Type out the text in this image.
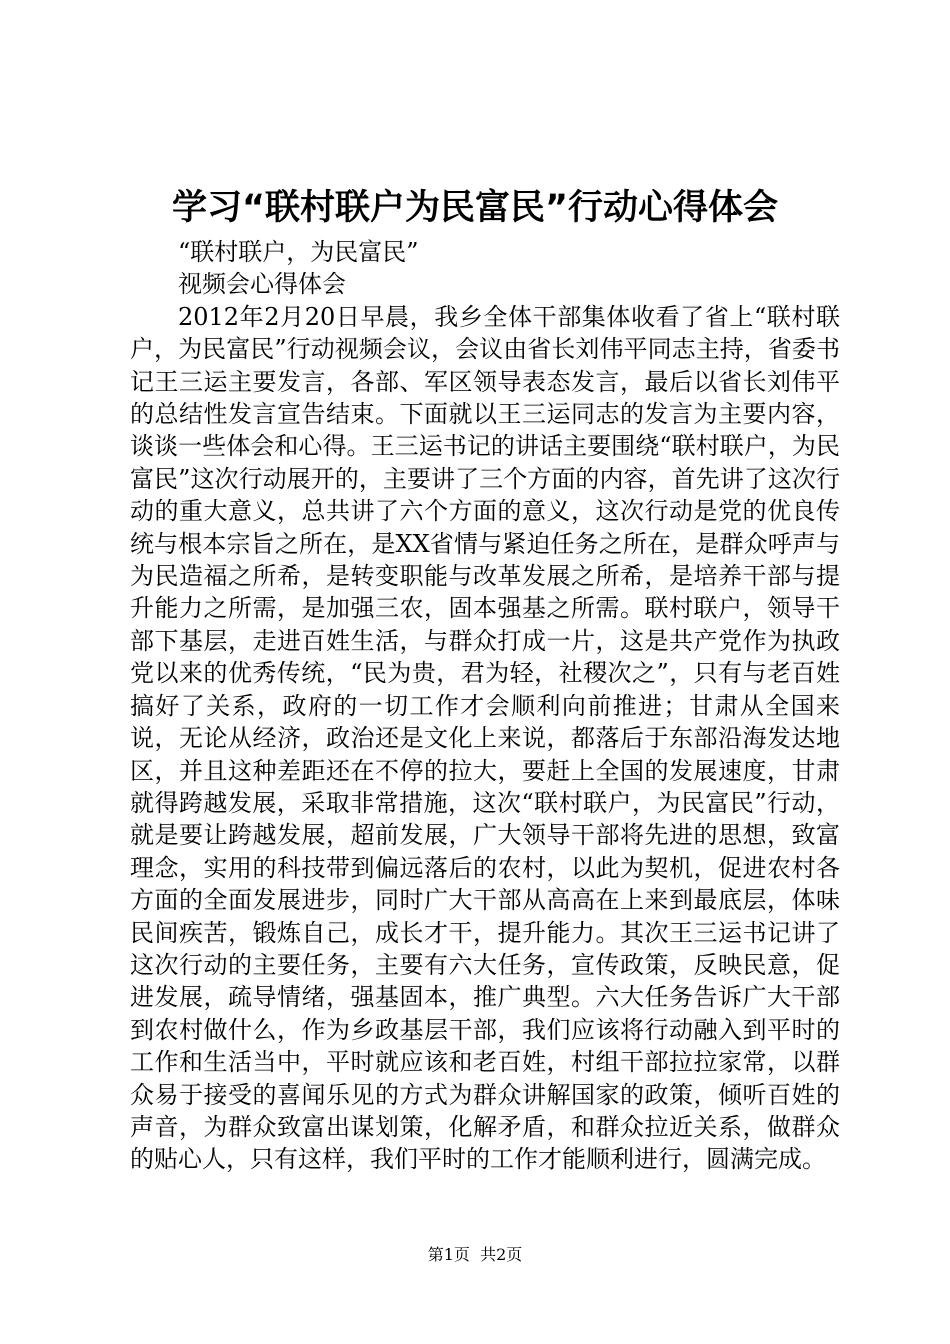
学习“联村联户为民富民”行动心得体会

“联村联户，为民富民”

视频会心得体会

2012年2月20日早晨，我乡全体干部集体收看了省上“联村联户，为民富民”行动视频会议，会议由省长刘伟平同志主持，省委书记王三运主要发言，各部、军区领导表态发言，最后以省长刘伟平的总结性发言宣告结束。下面就以王三运同志的发言为主要内容，谈谈一些体会和心得。王三运书记的讲话主要围绕“联村联户，为民富民”这次行动展开的，主要讲了三个方面的内容，首先讲了这次行动的重大意义，总共讲了六个方面的意义，这次行动是党的优良传统与根本宗旨之所在，是XX省情与紧迫任务之所在，是群众呼声与为民造福之所希，是转变职能与改革发展之所希，是培养干部与提升能力之所需，是加强三农，固本强基之所需。联村联户，领导干部下基层，走进百姓生活，与群众打成一片，这是共产党作为执政党以来的优秀传统，“民为贵，君为轻，社稷次之”，只有与老百姓搞好了关系，政府的一切工作才会顺利向前推进；甘肃从全国来说，无论从经济，政治还是文化上来说，都落后于东部沿海发达地区，并且这种差距还在不停的拉大，要赶上全国的发展速度，甘肃就得跨越发展，采取非常措施，这次“联村联户，为民富民”行动，就是要让跨越发展，超前发展，广大领导干部将先进的思想，致富理念，实用的科技带到偏远落后的农村，以此为契机，促进农村各方面的全面发展进步，同时广大干部从高高在上来到最底层，体味民间疾苦，锻炼自己，成长才干，提升能力。其次王三运书记讲了这次行动的主要任务，主要有六大任务，宣传政策，反映民意，促进发展，疏导情绪，强基固本，推广典型。六大任务告诉广大干部到农村做什么，作为乡政基层干部，我们应该将行动融入到平时的工作和生活当中，平时就应该和老百姓，村组干部拉拉家常，以群众易于接受的喜闻乐见的方式为群众讲解国家的政策，倾听百姓的声音，为群众致富出谋划策，化解矛盾，和群众拉近关系，做群众的贴心人，只有这样，我们平时的工作才能顺利进行，圆满完成。

第1页  共2页
